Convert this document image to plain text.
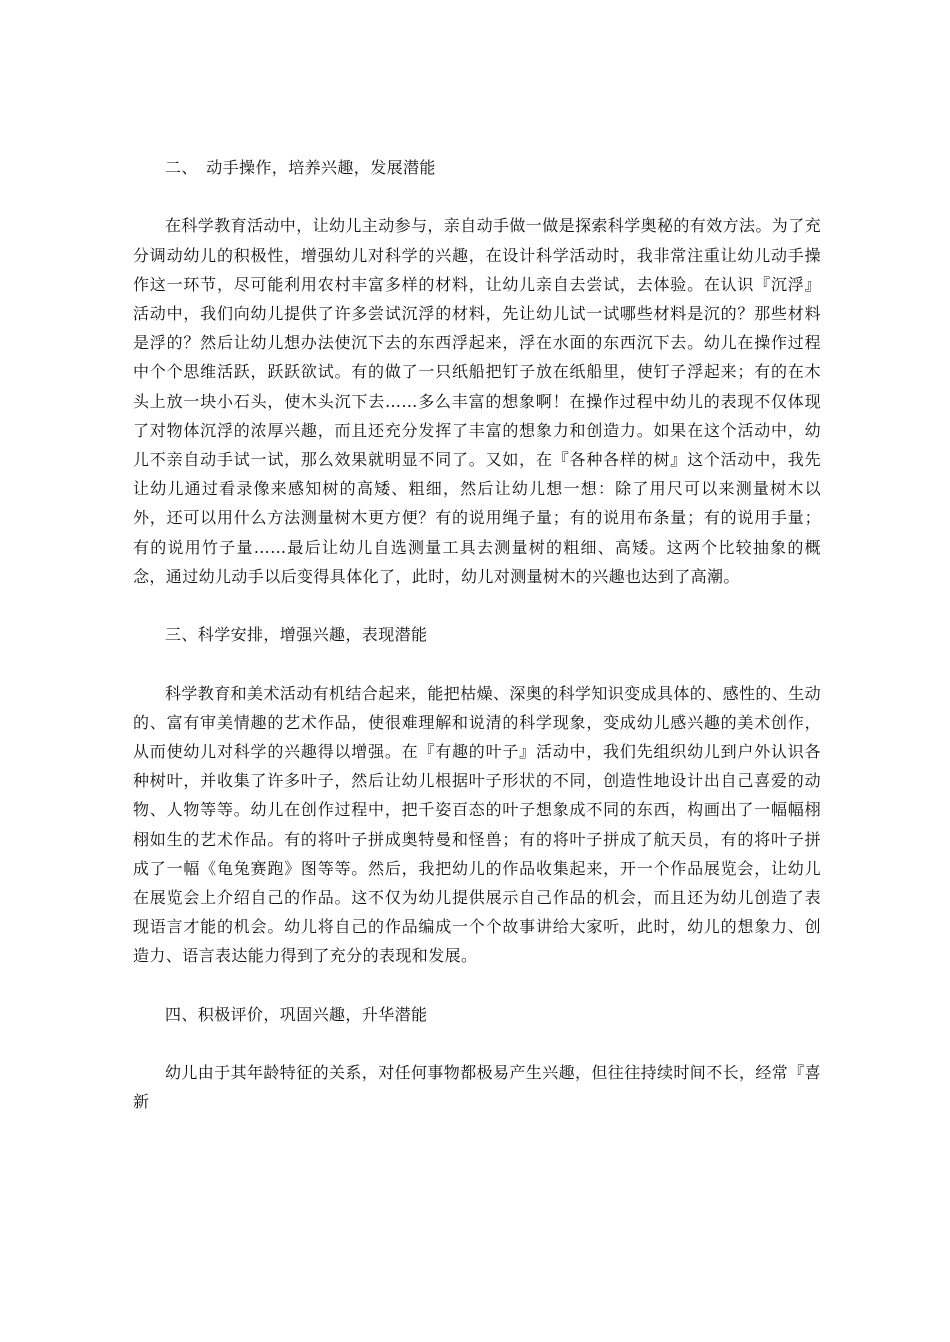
二、　动手操作，培养兴趣，发展潜能

在科学教育活动中，让幼儿主动参与，亲自动手做一做是探索科学奥秘的有效方法。为了充分调动幼儿的积极性，增强幼儿对科学的兴趣，在设计科学活动时，我非常注重让幼儿动手操作这一环节，尽可能利用农村丰富多样的材料，让幼儿亲自去尝试，去体验。在认识『沉浮』活动中，我们向幼儿提供了许多尝试沉浮的材料，先让幼儿试一试哪些材料是沉的？那些材料是浮的？然后让幼儿想办法使沉下去的东西浮起来，浮在水面的东西沉下去。幼儿在操作过程中个个思维活跃，跃跃欲试。有的做了一只纸船把钉子放在纸船里，使钉子浮起来；有的在木头上放一块小石头，使木头沉下去……多么丰富的想象啊！在操作过程中幼儿的表现不仅体现了对物体沉浮的浓厚兴趣，而且还充分发挥了丰富的想象力和创造力。如果在这个活动中，幼儿不亲自动手试一试，那么效果就明显不同了。又如，在『各种各样的树』这个活动中，我先让幼儿通过看录像来感知树的高矮、粗细，然后让幼儿想一想：除了用尺可以来测量树木以外，还可以用什么方法测量树木更方便？有的说用绳子量；有的说用布条量；有的说用手量；有的说用竹子量……最后让幼儿自选测量工具去测量树的粗细、高矮。这两个比较抽象的概念，通过幼儿动手以后变得具体化了，此时，幼儿对测量树木的兴趣也达到了高潮。

三、科学安排，增强兴趣，表现潜能

科学教育和美术活动有机结合起来，能把枯燥、深奥的科学知识变成具体的、感性的、生动的、富有审美情趣的艺术作品，使很难理解和说清的科学现象，变成幼儿感兴趣的美术创作，从而使幼儿对科学的兴趣得以增强。在『有趣的叶子』活动中，我们先组织幼儿到户外认识各种树叶，并收集了许多叶子，然后让幼儿根据叶子形状的不同，创造性地设计出自己喜爱的动物、人物等等。幼儿在创作过程中，把千姿百态的叶子想象成不同的东西，构画出了一幅幅栩栩如生的艺术作品。有的将叶子拼成奥特曼和怪兽；有的将叶子拼成了航天员，有的将叶子拼成了一幅《龟兔赛跑》图等等。然后，我把幼儿的作品收集起来，开一个作品展览会，让幼儿在展览会上介绍自己的作品。这不仅为幼儿提供展示自己作品的机会，而且还为幼儿创造了表现语言才能的机会。幼儿将自己的作品编成一个个故事讲给大家听，此时，幼儿的想象力、创造力、语言表达能力得到了充分的表现和发展。

四、积极评价，巩固兴趣，升华潜能

幼儿由于其年龄特征的关系，对任何事物都极易产生兴趣，但往往持续时间不长，经常『喜新
